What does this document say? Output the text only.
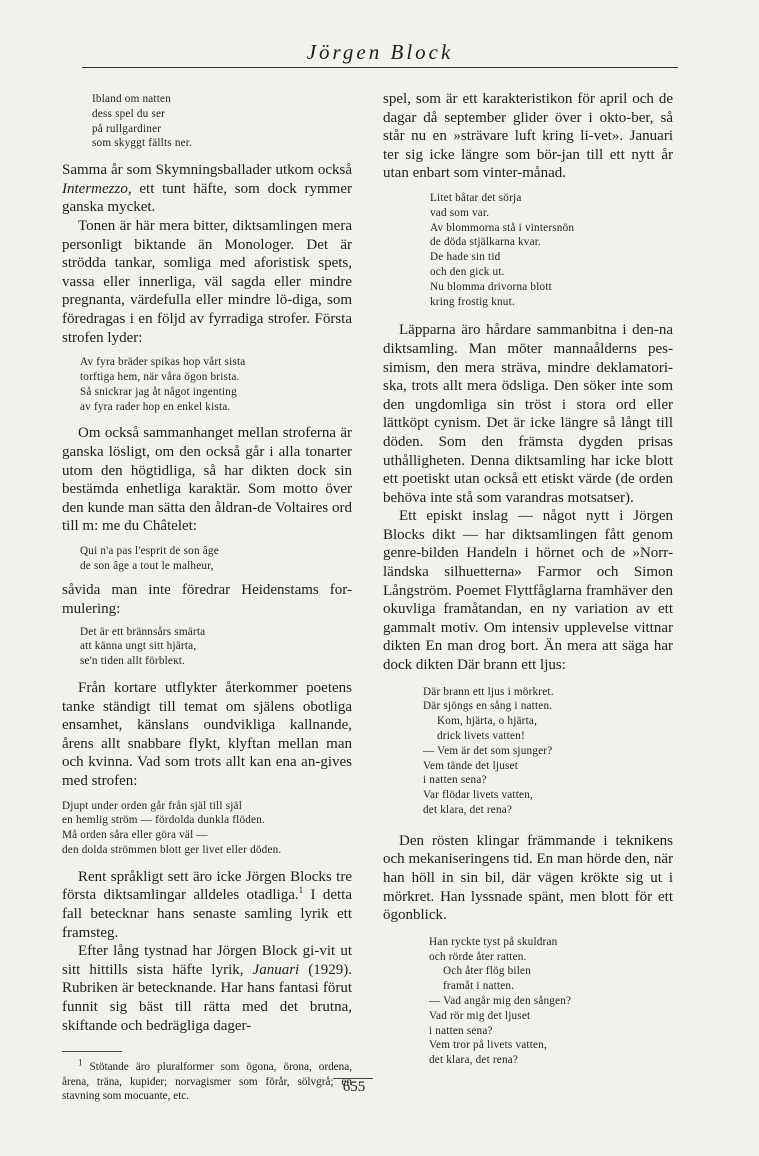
Jörgen Block
Ibland om natten
dess spel du ser
på rullgardiner
som skyggt fällts ner.

Samma år som Skymningsballader utkom också Intermezzo, ett tunt häfte, som dock rymmer ganska mycket.

Tonen är här mera bitter, diktsamlingen mera personligt biktande än Monologer. Det är strödda tankar, somliga med aforistisk spets, vassa eller innerliga, väl sagda eller mindre pregnanta, värdefulla eller mindre lö-diga, som föredragas i en följd av fyrradiga strofer. Första strofen lyder:

Av fyra bräder spikas hop vårt sista
torftiga hem, när våra ögon brista.
Så snickrar jag åt något ingenting
av fyra rader hop en enkel kista.

Om också sammanhanget mellan stroferna är ganska lösligt, om den också går i alla tonarter utom den högtidliga, så har dikten dock sin bestämda enhetliga karaktär. Som motto över den kunde man sätta den åldran-de Voltaires ord till m: me du Châtelet:

Qui n'a pas l'esprit de son âge
de son âge a tout le malheur,

såvida man inte föredrar Heidenstams for-mulering:

Det är ett brännsårs smärta
att känna ungt sitt hjärta,
se'n tiden allt förbleкt.

Från kortare utflykter återkommer poetens tanke ständigt till temat om själens obotliga ensamhet, känslans oundvikliga kallnande, årens allt snabbare flykt, klyftan mellan man och kvinna. Vad som trots allt kan ena an-gives med strofen:

Djupt under orden går från själ till själ
en hemlig ström — fördolda dunkla flöden.
Må orden såra eller göra väl —
den dolda strömmen blott ger livet eller döden.

Rent språkligt sett äro icke Jörgen Blocks tre första diktsamlingar alldeles otadliga.$^1$ I detta fall betecknar hans senaste samling lyrik ett framsteg.

Efter lång tystnad har Jörgen Block gi-vit ut sitt hittills sista häfte lyrik, Januari (1929). Rubriken är betecknande. Har hans fantasi förut funnit sig bäst till rätta med det brutna, skiftande och bedrägliga dager-

$^1$ Stötande äro pluralformer som ögona, örona, ordena, årena, träna, kupider; norvagismer som förår, sölvgrå; en stavning som mocuante, etc.

spel, som är ett karakteristikon för april och de dagar då september glider över i okto-ber, så står nu en »strävare luft kring li-vet». Januari ter sig icke längre som bör-jan till ett nytt år utan enbart som vinter-månad.

Litet båtar det sörja
vad som var.
Av blommorna stå i vintersnön
de döda stjälkarna kvar.
De hade sin tid
och den gick ut.
Nu blomma drivorna blott
kring frostig knut.

Läpparna äro hårdare sammanbitna i den-na diktsamling. Man möter mannaålderns pes-simism, den mera sträva, mindre deklamatori-ska, trots allt mera ödsliga. Den söker inte som den ungdomliga sin tröst i stora ord eller lättköpt cynism. Det är icke längre så långt till döden. Som den främsta dygden prisas uthålligheten. Denna diktsamling har icke blott ett poetiskt utan också ett etiskt värde (de orden behöva inte stå som varandras motsatser).

Ett episkt inslag — något nytt i Jörgen Blocks dikt — har diktsamlingen fått genom genre-bilden Handeln i hörnet och de »Norr-ländska silhuetterna» Farmor och Simon Långström. Poemet Flyttfåglarna framhäver den okuvliga framåtandan, en ny variation av ett gammalt motiv. Om intensiv upplevelse vittnar dikten En man drog bort. Än mera att säga har dock dikten Där brann ett ljus:

Där brann ett ljus i mörkret.
Där sjöngs en sång i natten.
Kom, hjärta, o hjärta,
drick livets vatten!
— Vem är det som sjunger?
Vem tände det ljuset
i natten sena?
Var flödar livets vatten,
det klara, det rena?

Den rösten klingar främmande i teknikens och mekaniseringens tid. En man hörde den, när han höll in sin bil, där vägen krökte sig ut i mörkret. Han lyssnade spänt, men blott för ett ögonblick.

Han ryckte tyst på skuldran
och rörde åter ratten.
Och åter flög bilen
framåt i natten.
— Vad angår mig den sången?
Vad rör mig det ljuset
i natten sena?
Vem tror på livets vatten,
det klara, det rena?
655
